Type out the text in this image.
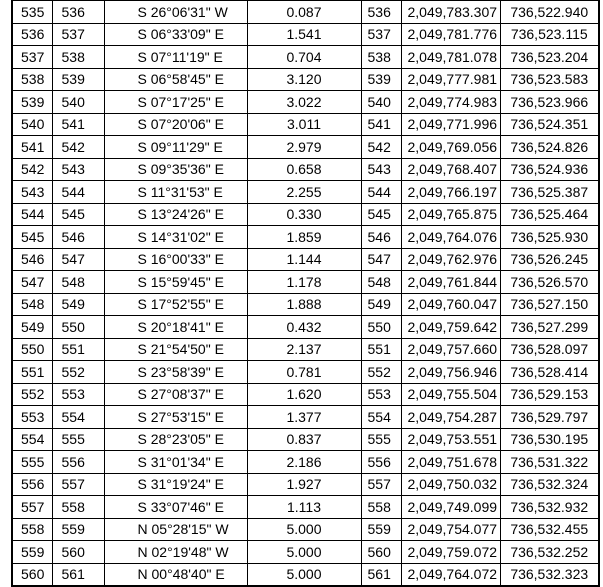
535	536	S 26°06'31" W	0.087	536	2,049,783.307	736,522.940
536	537	S 06°33'09" E	1.541	537	2,049,781.776	736,523.115
537	538	S 07°11'19" E	0.704	538	2,049,781.078	736,523.204
538	539	S 06°58'45" E	3.120	539	2,049,777.981	736,523.583
539	540	S 07°17'25" E	3.022	540	2,049,774.983	736,523.966
540	541	S 07°20'06" E	3.011	541	2,049,771.996	736,524.351
541	542	S 09°11'29" E	2.979	542	2,049,769.056	736,524.826
542	543	S 09°35'36" E	0.658	543	2,049,768.407	736,524.936
543	544	S 11°31'53" E	2.255	544	2,049,766.197	736,525.387
544	545	S 13°24'26" E	0.330	545	2,049,765.875	736,525.464
545	546	S 14°31'02" E	1.859	546	2,049,764.076	736,525.930
546	547	S 16°00'33" E	1.144	547	2,049,762.976	736,526.245
547	548	S 15°59'45" E	1.178	548	2,049,761.844	736,526.570
548	549	S 17°52'55" E	1.888	549	2,049,760.047	736,527.150
549	550	S 20°18'41" E	0.432	550	2,049,759.642	736,527.299
550	551	S 21°54'50" E	2.137	551	2,049,757.660	736,528.097
551	552	S 23°58'39" E	0.781	552	2,049,756.946	736,528.414
552	553	S 27°08'37" E	1.620	553	2,049,755.504	736,529.153
553	554	S 27°53'15" E	1.377	554	2,049,754.287	736,529.797
554	555	S 28°23'05" E	0.837	555	2,049,753.551	736,530.195
555	556	S 31°01'34" E	2.186	556	2,049,751.678	736,531.322
556	557	S 31°19'24" E	1.927	557	2,049,750.032	736,532.324
557	558	S 33°07'46" E	1.113	558	2,049,749.099	736,532.932
558	559	N 05°28'15" W	5.000	559	2,049,754.077	736,532.455
559	560	N 02°19'48" W	5.000	560	2,049,759.072	736,532.252
560	561	N 00°48'40" E	5.000	561	2,049,764.072	736,532.323
